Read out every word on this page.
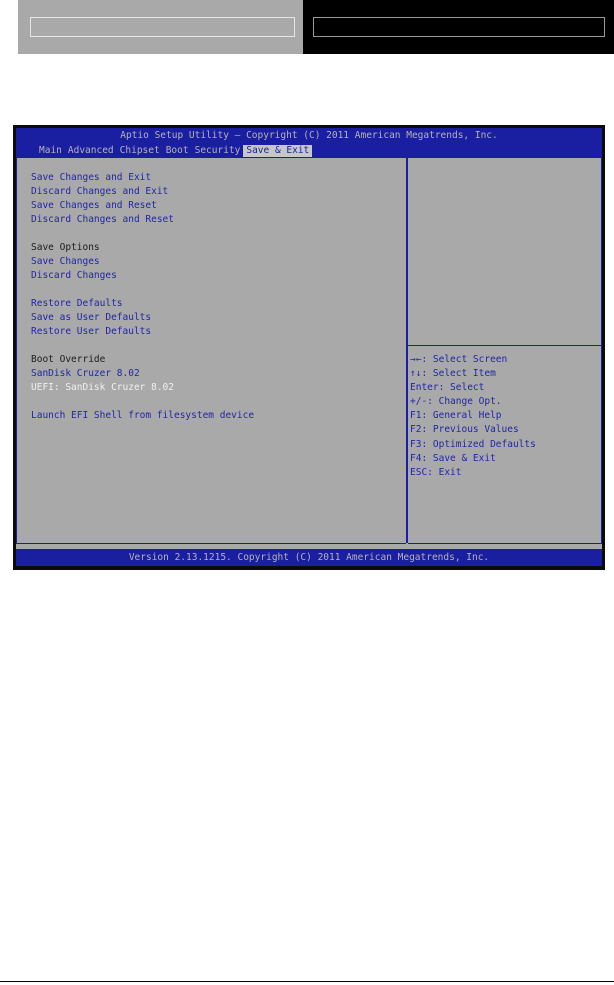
Aptio Setup Utility – Copyright (C) 2011 American Megatrends, Inc.
Main Advanced Chipset Boot Security Save & Exit
Save Changes and Exit
Discard Changes and Exit
Save Changes and Reset
Discard Changes and Reset
Save Options
Save Changes
Discard Changes
Restore Defaults
Save as User Defaults
Restore User Defaults
Boot Override
SanDisk Cruzer 8.02
UEFI: SanDisk Cruzer 8.02
Launch EFI Shell from filesystem device
→←: Select Screen
↑↓: Select Item
Enter: Select
+/-: Change Opt.
F1: General Help
F2: Previous Values
F3: Optimized Defaults
F4: Save & Exit
ESC: Exit
Version 2.13.1215. Copyright (C) 2011 American Megatrends, Inc.
